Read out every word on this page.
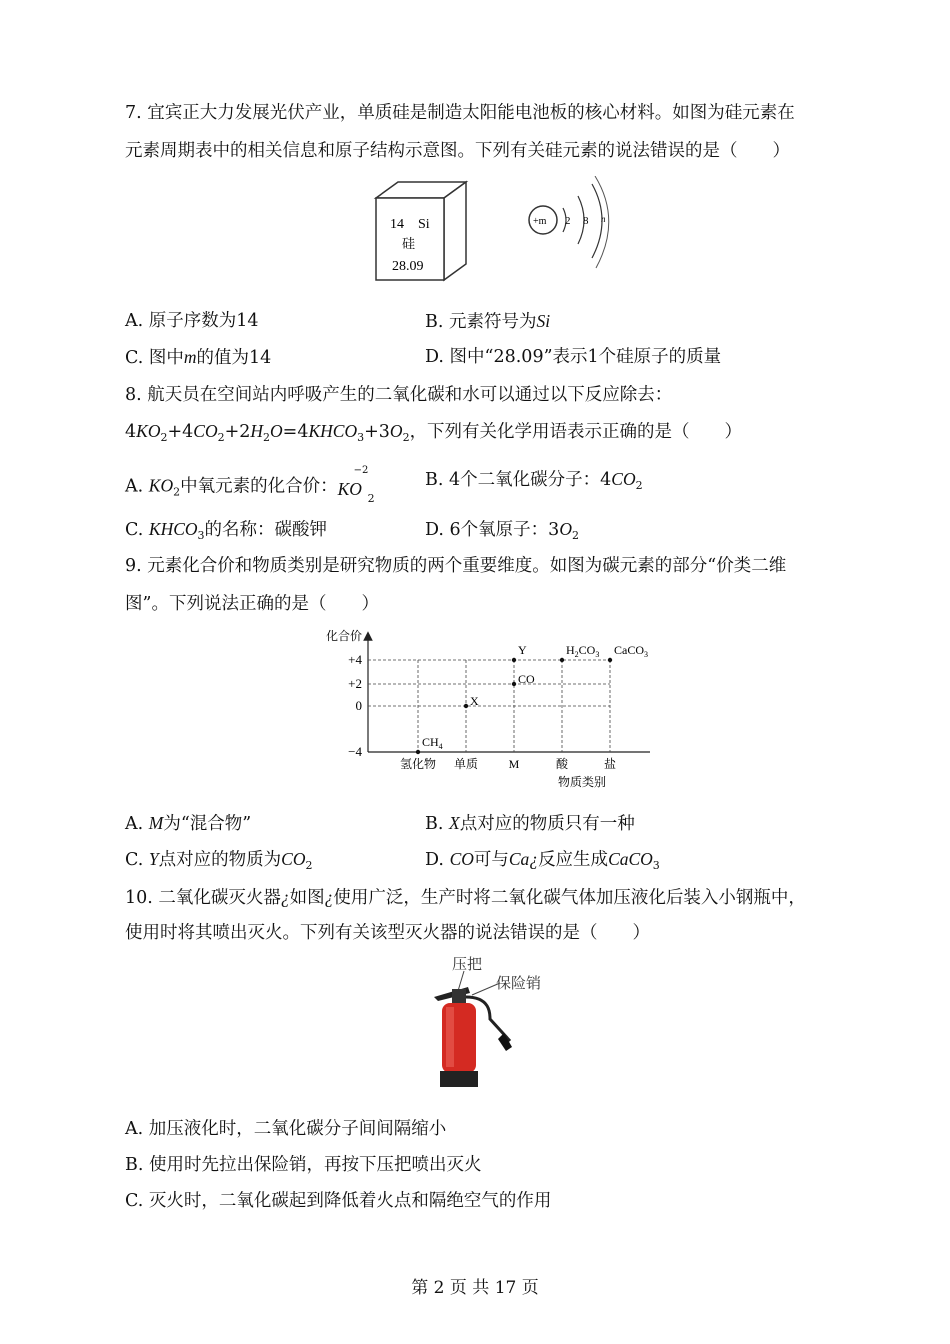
7. 宜宾正大力发展光伏产业，单质硅是制造太阳能电池板的核心材料。如图为硅元素在
元素周期表中的相关信息和原子结构示意图。下列有关硅元素的说法错误的是（　　）
14 Si
硅
28.09
+m 2 8 n
A. 原子序数为14	B. 元素符号为Si
C. 图中m的值为14	D. 图中“28.09”表示1个硅原子的质量
8. 航天员在空间站内呼吸产生的二氧化碳和水可以通过以下反应除去：
$4KO_2+4CO_2+2H_2O=4KHCO_3+3O_2$，下列有关化学用语表示正确的是（　　）
A. $KO_2$中氧元素的化合价：
−2
KO 2
B. 4个二氧化碳分子：$4CO_2$
C. $KHCO_3$的名称：碳酸钾	D. 6个氧原子：$3O_2$
9. 元素化合价和物质类别是研究物质的两个重要维度。如图为碳元素的部分“价类二维
图”。下列说法正确的是（　　）
化合价
物质类别
+4
+2
0
−4
氢化物 单质	M	酸	盐
$CH_4$
X
CO
Y	$H_2CO_3$ CaCO$_3$
A. M为“混合物”	B. X点对应的物质只有一种
C. Y点对应的物质为$CO_2$	D. CO可与Ca¿反应生成CaCO$_3$
10. 二氧化碳灭火器¿如图¿使用广泛，生产时将二氧化碳气体加压液化后装入小钢瓶中，
使用时将其喷出灭火。下列有关该型灭火器的说法错误的是（　　）
压把
保险销
A. 加压液化时，二氧化碳分子间间隔缩小
B. 使用时先拉出保险销，再按下压把喷出灭火
C. 灭火时，二氧化碳起到降低着火点和隔绝空气的作用
第 2 页 共 17 页
